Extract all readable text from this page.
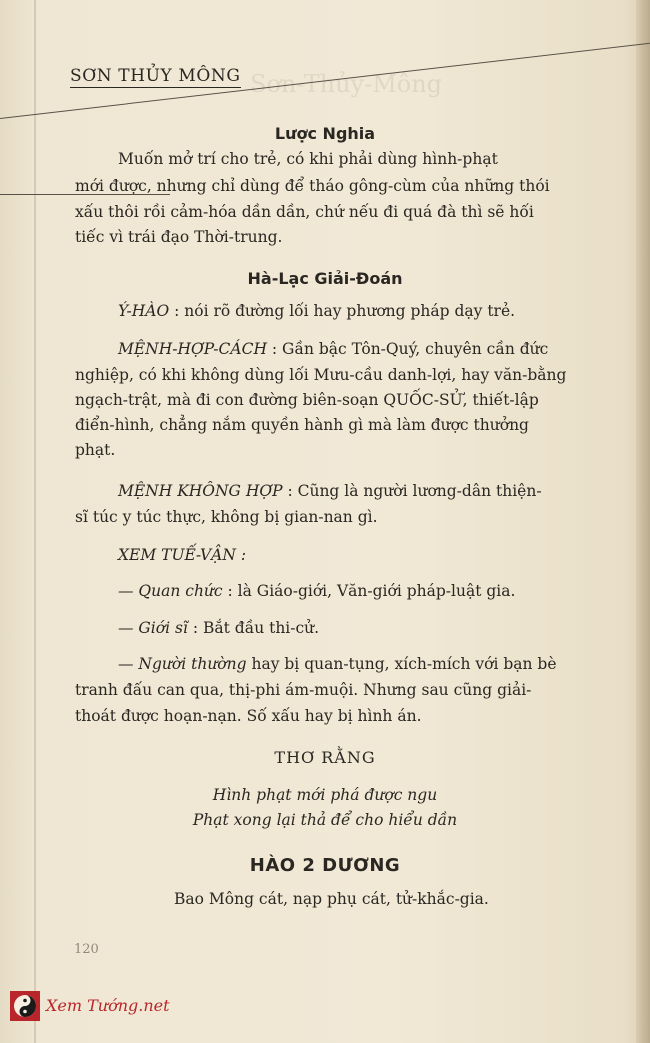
Sơn-Thủy-Mông
SƠN THỦY MÔNG
Lược Nghia
Muốn mở trí cho trẻ, có khi phải dùng hình-phạt
mới được, nhưng chỉ dùng để tháo gông-cùm của những thói
xấu thôi rồi cảm-hóa dần dần, chứ nếu đi quá đà thì sẽ hối
tiếc vì trái đạo Thời-trung.
Hà-Lạc Giải-Đoán
Ý-HÀO : nói rõ đường lối hay phương pháp dạy trẻ.
MỆNH-HỢP-CÁCH : Gần bậc Tôn-Quý, chuyên cần đức
nghiệp, có khi không dùng lối Mưu-cầu danh-lợi, hay văn-bằng
ngạch-trật, mà đi con đường biên-soạn QUỐC-SỬ, thiết-lập
điển-hình, chẳng nắm quyền hành gì mà làm được thưởng
phạt.
MỆNH KHÔNG HỢP : Cũng là người lương-dân thiện-
sĩ túc y túc thực, không bị gian-nan gì.
XEM TUẾ-VẬN :
— Quan chức : là Giáo-giới, Văn-giới pháp-luật gia.
— Giới sĩ : Bắt đầu thi-cử.
— Người thường hay bị quan-tụng, xích-mích với bạn bè
tranh đấu can qua, thị-phi ám-muội. Nhưng sau cũng giải-
thoát được hoạn-nạn. Số xấu hay bị hình án.
THƠ RẰNG
Hình phạt mới phá được ngu
Phạt xong lại thả để cho hiểu dần
HÀO 2 DƯƠNG
Bao Mông cát, nạp phụ cát, tử-khắc-gia.
120
Xem Tướng.net
